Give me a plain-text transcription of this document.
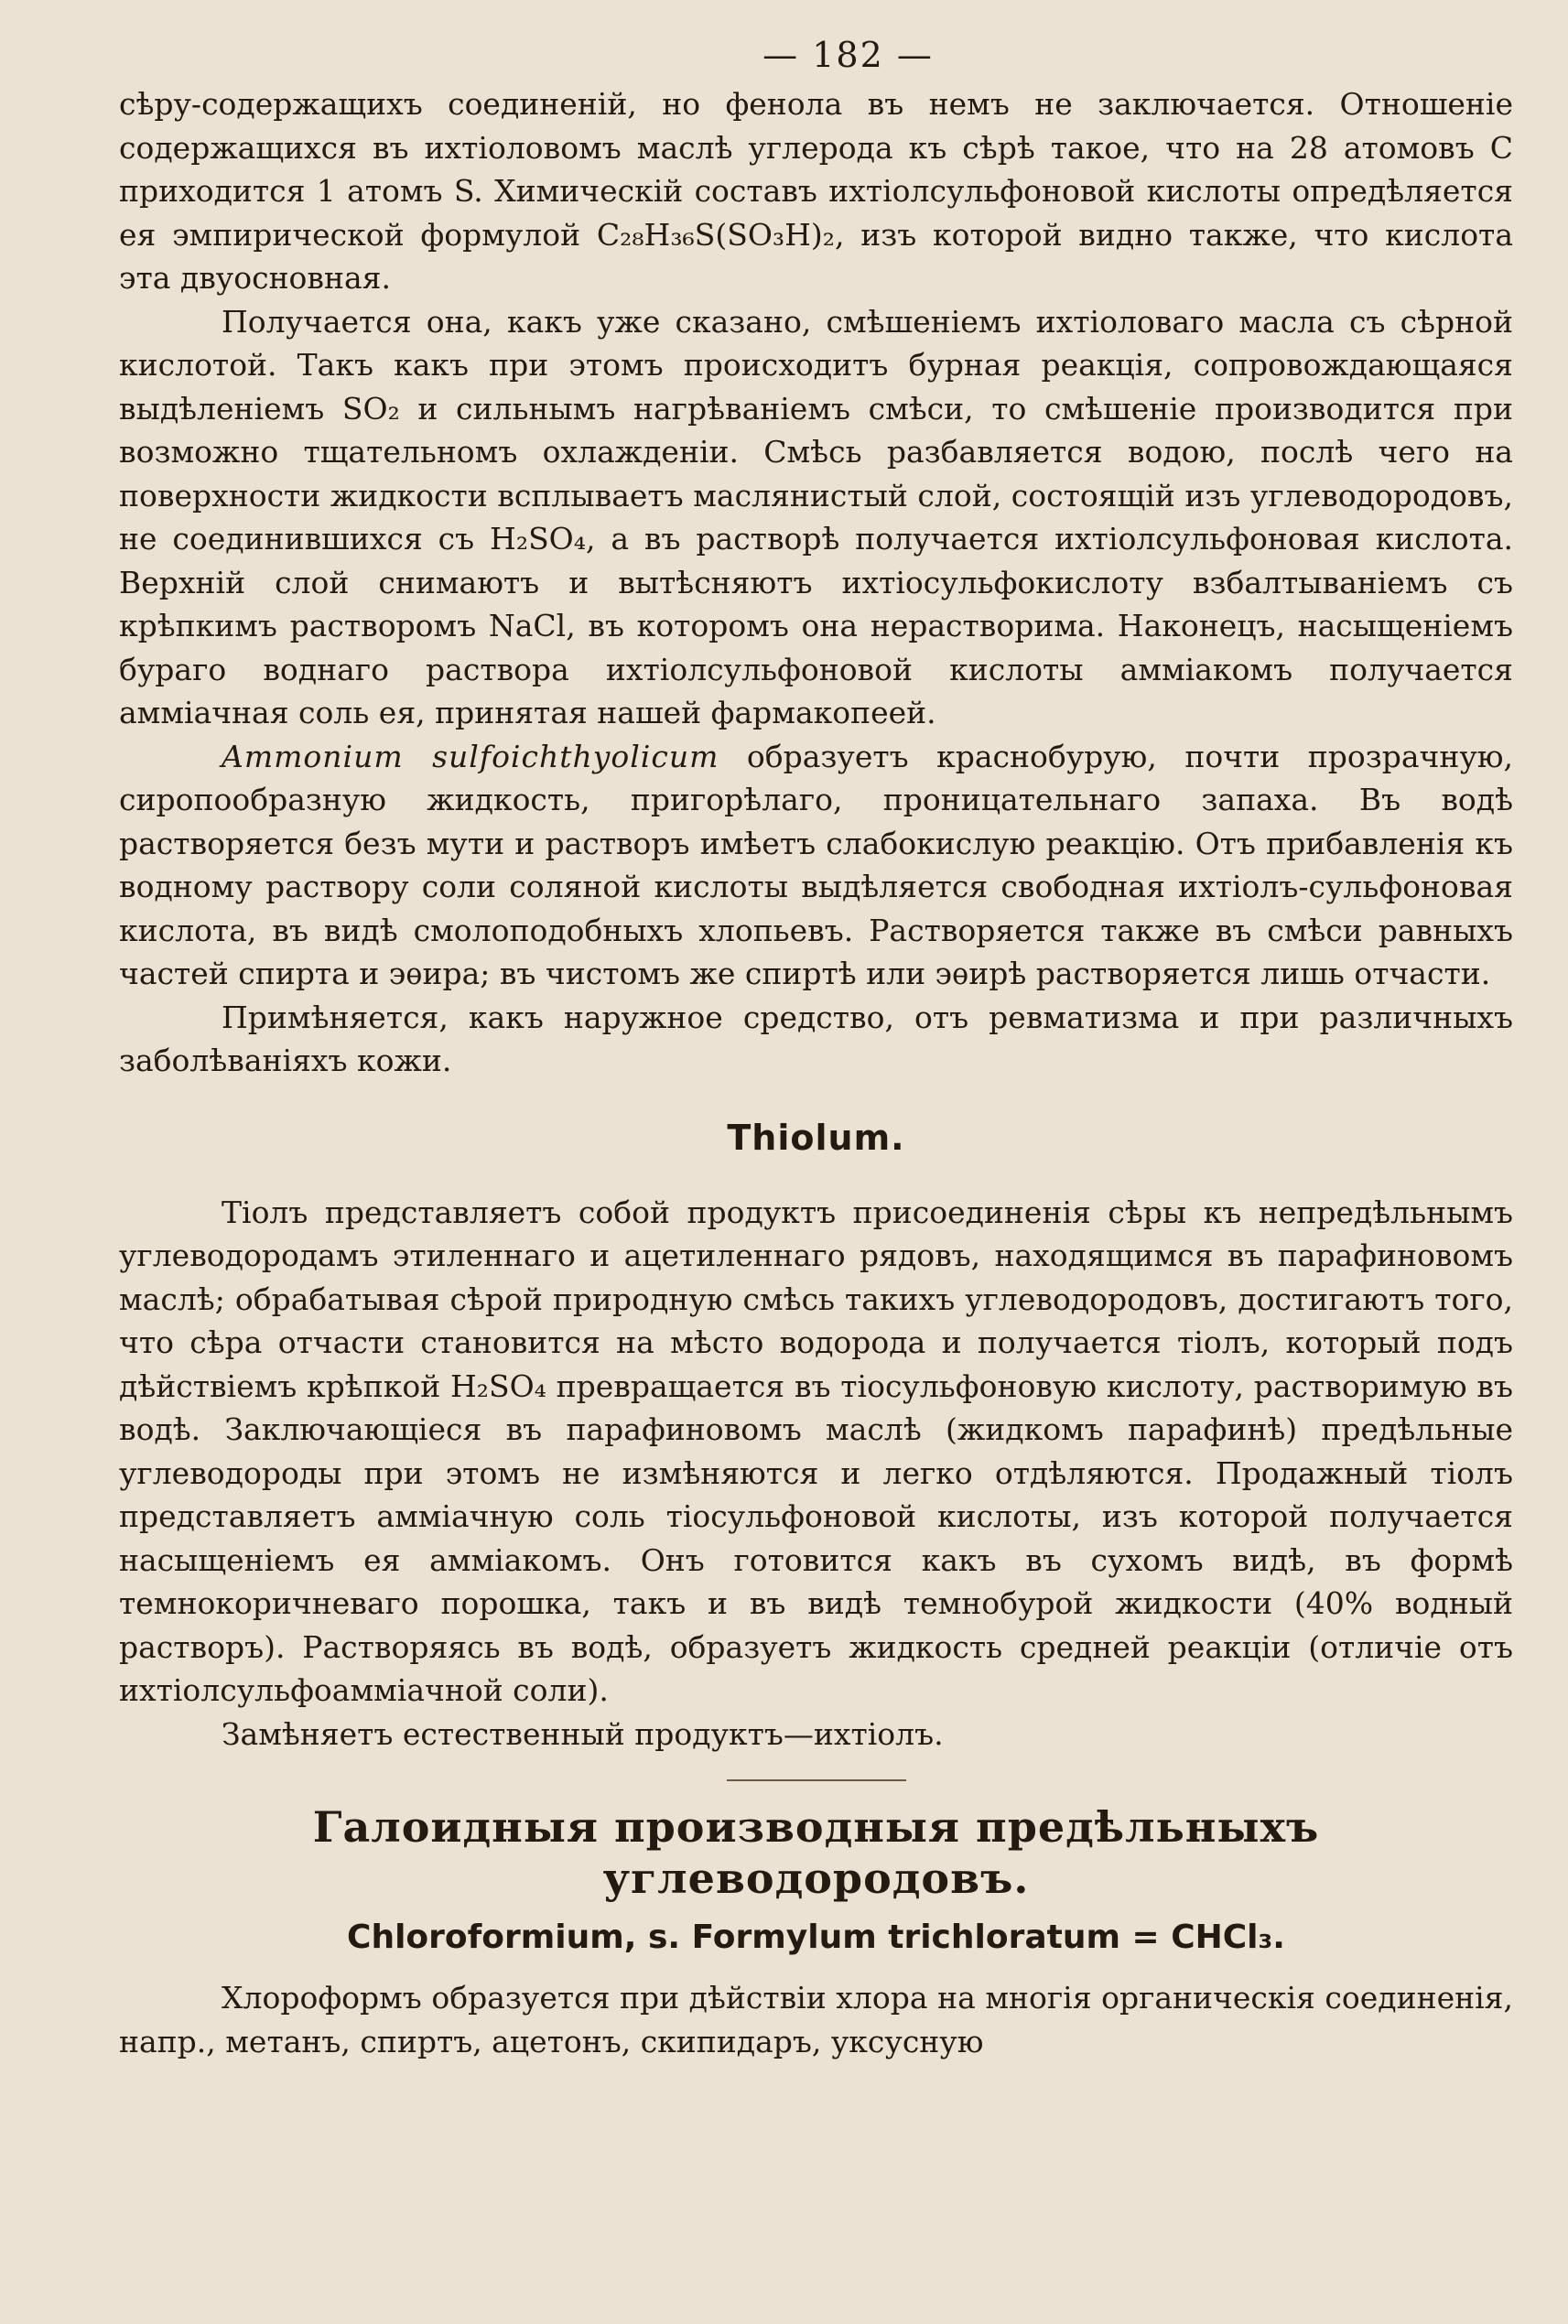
— 182 —

сѣру-содержащихъ соединеній, но фенола въ немъ не заключается. Отношеніе содержащихся въ ихтіоловомъ маслѣ углерода къ сѣрѣ такое, что на 28 атомовъ C приходится 1 атомъ S. Химическій составъ ихтіолсульфоновой кислоты опредѣляется ея эмпирической формулой C₂₈H₃₆S(SO₃H)₂, изъ которой видно также, что кислота эта двуосновная.

Получается она, какъ уже сказано, смѣшеніемъ ихтіоловаго масла съ сѣрной кислотой. Такъ какъ при этомъ происходитъ бурная реакція, сопровождающаяся выдѣленіемъ SO₂ и сильнымъ нагрѣваніемъ смѣси, то смѣшеніе производится при возможно тщательномъ охлажденіи. Смѣсь разбавляется водою, послѣ чего на поверхности жидкости всплываетъ маслянистый слой, состоящій изъ углеводородовъ, не соединившихся съ H₂SO₄, а въ растворѣ получается ихтіолсульфоновая кислота. Верхній слой снимаютъ и вытѣсняютъ ихтіосульфокислоту взбалтываніемъ съ крѣпкимъ растворомъ NaCl, въ которомъ она нерастворима. Наконецъ, насыщеніемъ бураго воднаго раствора ихтіолсульфоновой кислоты амміакомъ получается амміачная соль ея, принятая нашей фармакопеей.

Ammonium sulfoichthyolicum образуетъ краснобурую, почти прозрачную, сиропообразную жидкость, пригорѣлаго, проницательнаго запаха. Въ водѣ растворяется безъ мути и растворъ имѣетъ слабокислую реакцію. Отъ прибавленія къ водному раствору соли соляной кислоты выдѣляется свободная ихтіолъ-сульфоновая кислота, въ видѣ смолоподобныхъ хлопьевъ. Растворяется также въ смѣси равныхъ частей спирта и эѳира; въ чистомъ же спиртѣ или эѳирѣ растворяется лишь отчасти.

Примѣняется, какъ наружное средство, отъ ревматизма и при различныхъ заболѣваніяхъ кожи.

Thiolum.

Тіолъ представляетъ собой продуктъ присоединенія сѣры къ непредѣльнымъ углеводородамъ этиленнаго и ацетиленнаго рядовъ, находящимся въ парафиновомъ маслѣ; обрабатывая сѣрой природную смѣсь такихъ углеводородовъ, достигаютъ того, что сѣра отчасти становится на мѣсто водорода и получается тіолъ, который подъ дѣйствіемъ крѣпкой H₂SO₄ превращается въ тіосульфоновую кислоту, растворимую въ водѣ. Заключающіеся въ парафиновомъ маслѣ (жидкомъ парафинѣ) предѣльные углеводороды при этомъ не измѣняются и легко отдѣляются. Продажный тіолъ представляетъ амміачную соль тіосульфоновой кислоты, изъ которой получается насыщеніемъ ея амміакомъ. Онъ готовится какъ въ сухомъ видѣ, въ формѣ темнокоричневаго порошка, такъ и въ видѣ темнобурой жидкости (40% водный растворъ). Растворяясь въ водѣ, образуетъ жидкость средней реакціи (отличіе отъ ихтіолсульфоамміачной соли).

Замѣняетъ естественный продуктъ—ихтіолъ.

Галоидныя производныя предѣльныхъ углеводородовъ.
Chloroformium, s. Formylum trichloratum = CHCl₃.

Хлороформъ образуется при дѣйствіи хлора на многія органическія соединенія, напр., метанъ, спиртъ, ацетонъ, скипидаръ, уксусную
